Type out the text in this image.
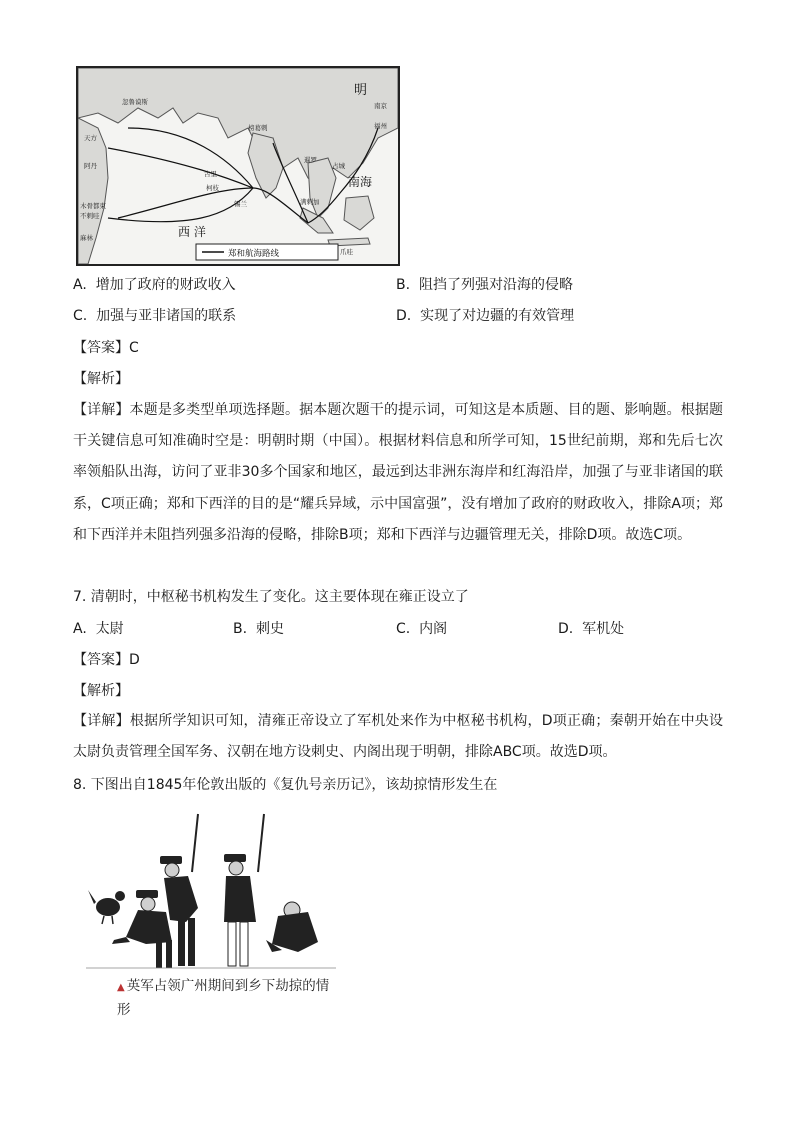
明
南海
西 洋
忽鲁谟斯
天方
阿丹
木骨都束
不剌哇
麻林
古里
柯枝
锡兰
榜葛剌
暹罗
占城
满剌加
爪哇
南京
福州
郑和航海路线
A. 增加了政府的财政收入	B. 阻挡了列强对沿海的侵略
C. 加强与亚非诸国的联系	D. 实现了对边疆的有效管理
【答案】C
【解析】
【详解】本题是多类型单项选择题。据本题次题干的提示词，可知这是本质题、目的题、影响题。根据题干关键信息可知准确时空是：明朝时期（中国）。根据材料信息和所学可知，15世纪前期，郑和先后七次率领船队出海，访问了亚非30多个国家和地区，最远到达非洲东海岸和红海沿岸，加强了与亚非诸国的联系，C项正确；郑和下西洋的目的是“耀兵异域，示中国富强”，没有增加了政府的财政收入，排除A项；郑和下西洋并未阻挡列强多沿海的侵略，排除B项；郑和下西洋与边疆管理无关，排除D项。故选C项。
7. 清朝时，中枢秘书机构发生了变化。这主要体现在雍正设立了
A. 太尉	B. 刺史	C. 内阁	D. 军机处
【答案】D
【解析】
【详解】根据所学知识可知，清雍正帝设立了军机处来作为中枢秘书机构，D项正确；秦朝开始在中央设太尉负责管理全国军务、汉朝在地方设刺史、内阁出现于明朝，排除ABC项。故选D项。
8. 下图出自1845年伦敦出版的《复仇号亲历记》，该劫掠情形发生在
▲ 英军占领广州期间到乡下劫掠的情形
